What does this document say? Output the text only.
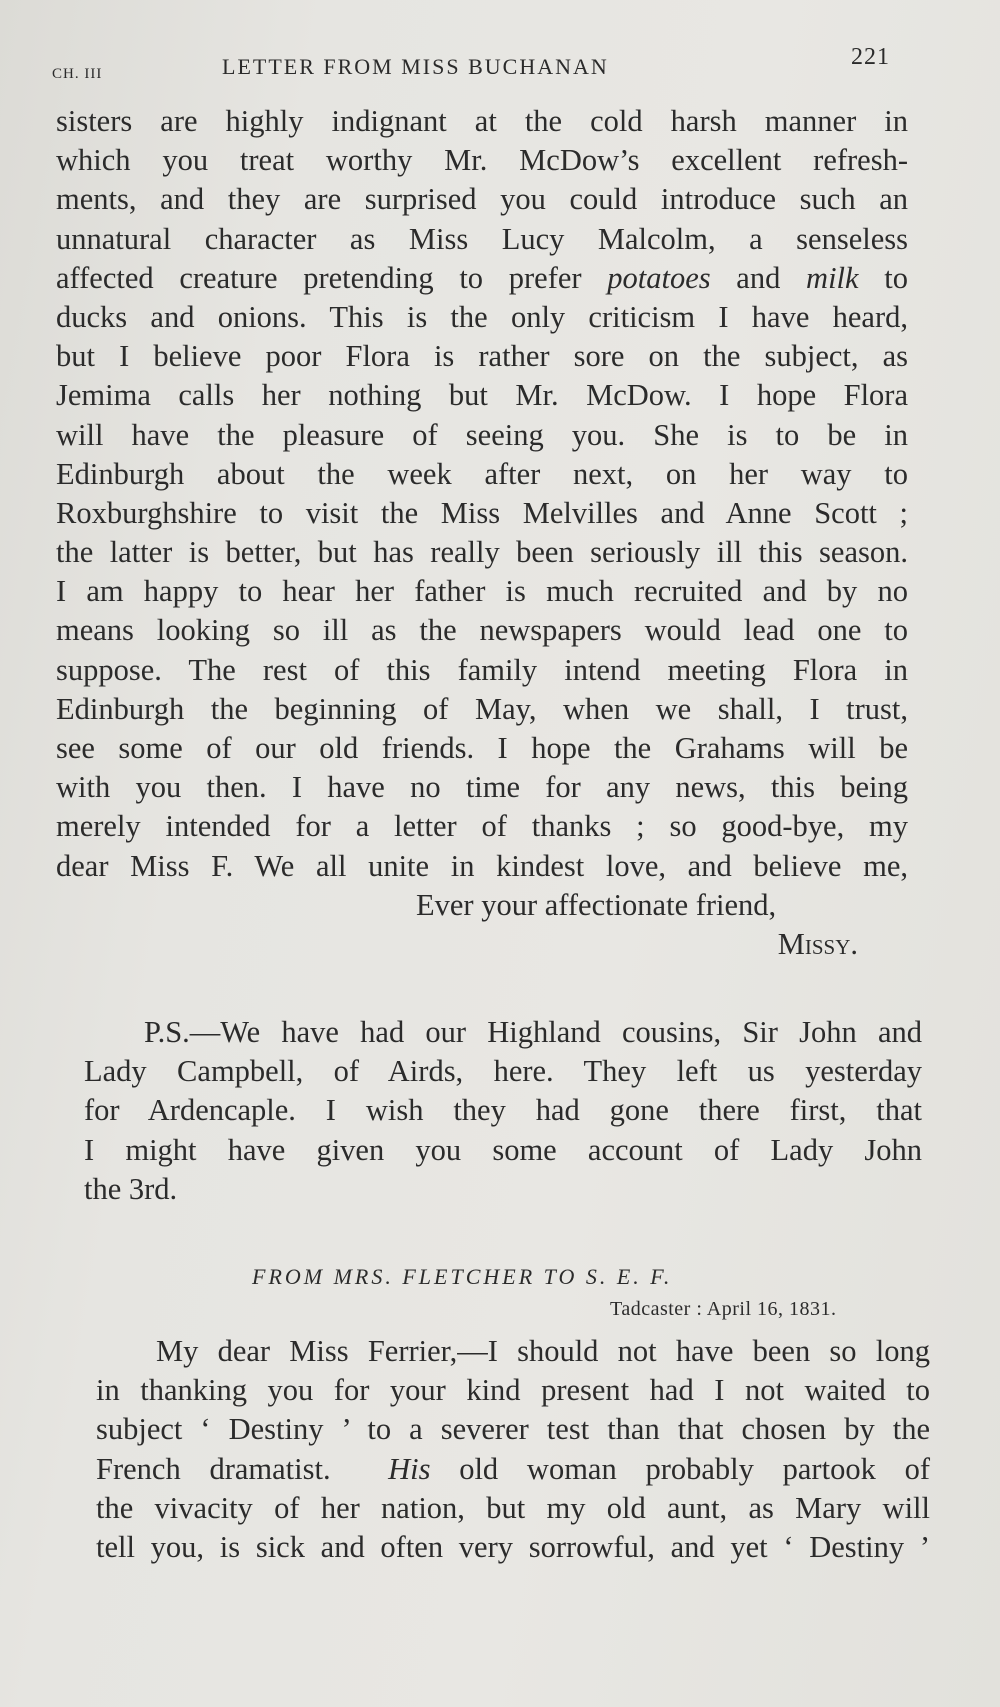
CH. III	LETTER FROM MISS BUCHANAN	221
sisters are highly indignant at the cold harsh manner in
which you treat worthy Mr. McDow’s excellent refresh-
ments, and they are surprised you could introduce such an
unnatural character as Miss Lucy Malcolm, a senseless
affected creature pretending to prefer potatoes and milk to
ducks and onions. This is the only criticism I have heard,
but I believe poor Flora is rather sore on the subject, as
Jemima calls her nothing but Mr. McDow. I hope Flora
will have the pleasure of seeing you. She is to be in
Edinburgh about the week after next, on her way to
Roxburghshire to visit the Miss Melvilles and Anne Scott ;
the latter is better, but has really been seriously ill this season.
I am happy to hear her father is much recruited and by no
means looking so ill as the newspapers would lead one to
suppose. The rest of this family intend meeting Flora in
Edinburgh the beginning of May, when we shall, I trust,
see some of our old friends. I hope the Grahams will be
with you then. I have no time for any news, this being
merely intended for a letter of thanks ; so good-bye, my
dear Miss F. We all unite in kindest love, and believe me,
Ever your affectionate friend,
Missy.
P.S.—We have had our Highland cousins, Sir John and
Lady Campbell, of Airds, here. They left us yesterday
for Ardencaple. I wish they had gone there first, that
I might have given you some account of Lady John
the 3rd.
FROM MRS. FLETCHER TO S. E. F.
Tadcaster : April 16, 1831.
My dear Miss Ferrier,—I should not have been so long
in thanking you for your kind present had I not waited to
subject ‘ Destiny ’ to a severer test than that chosen by the
French dramatist.  His old woman probably partook of
the vivacity of her nation, but my old aunt, as Mary will
tell you, is sick and often very sorrowful, and yet ‘ Destiny ’
